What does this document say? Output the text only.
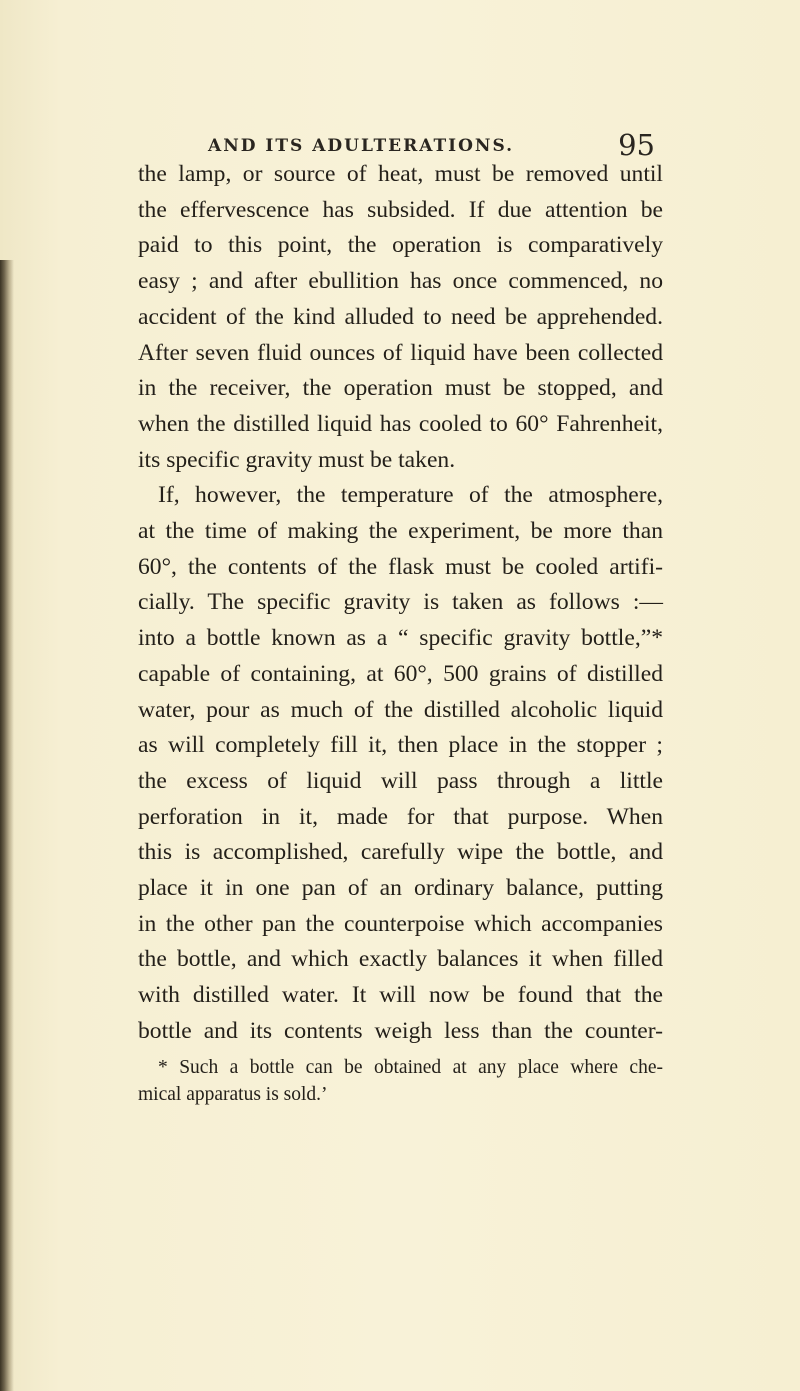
AND ITS ADULTERATIONS.	95
the lamp, or source of heat, must be removed until
the effervescence has subsided. If due attention be
paid to this point, the operation is comparatively
easy ; and after ebullition has once commenced, no
accident of the kind alluded to need be apprehended.
After seven fluid ounces of liquid have been collected
in the receiver, the operation must be stopped, and
when the distilled liquid has cooled to 60° Fahrenheit,
its specific gravity must be taken.
If, however, the temperature of the atmosphere,
at the time of making the experiment, be more than
60°, the contents of the flask must be cooled artifi-
cially. The specific gravity is taken as follows :—
into a bottle known as a “ specific gravity bottle,”*
capable of containing, at 60°, 500 grains of distilled
water, pour as much of the distilled alcoholic liquid
as will completely fill it, then place in the stopper ;
the excess of liquid will pass through a little
perforation in it, made for that purpose. When
this is accomplished, carefully wipe the bottle, and
place it in one pan of an ordinary balance, putting
in the other pan the counterpoise which accompanies
the bottle, and which exactly balances it when filled
with distilled water. It will now be found that the
bottle and its contents weigh less than the counter-
* Such a bottle can be obtained at any place where che-
mical apparatus is sold.’
